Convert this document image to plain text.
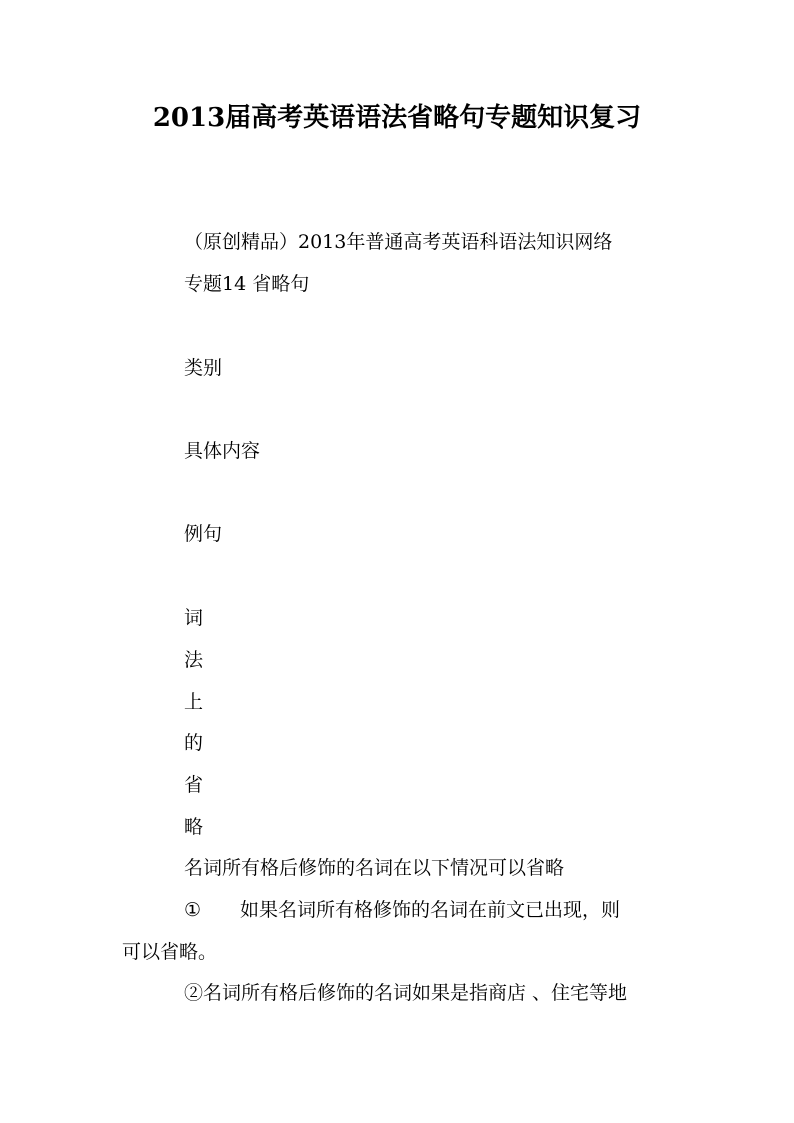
2013届高考英语语法省略句专题知识复习
（原创精品）2013年普通高考英语科语法知识网络
专题14 省略句
类别
具体内容
例句
词
法
上
的
省
略
名词所有格后修饰的名词在以下情况可以省略
① 如果名词所有格修饰的名词在前文已出现，则
可以省略。
②名词所有格后修饰的名词如果是指商店 、住宅等地
